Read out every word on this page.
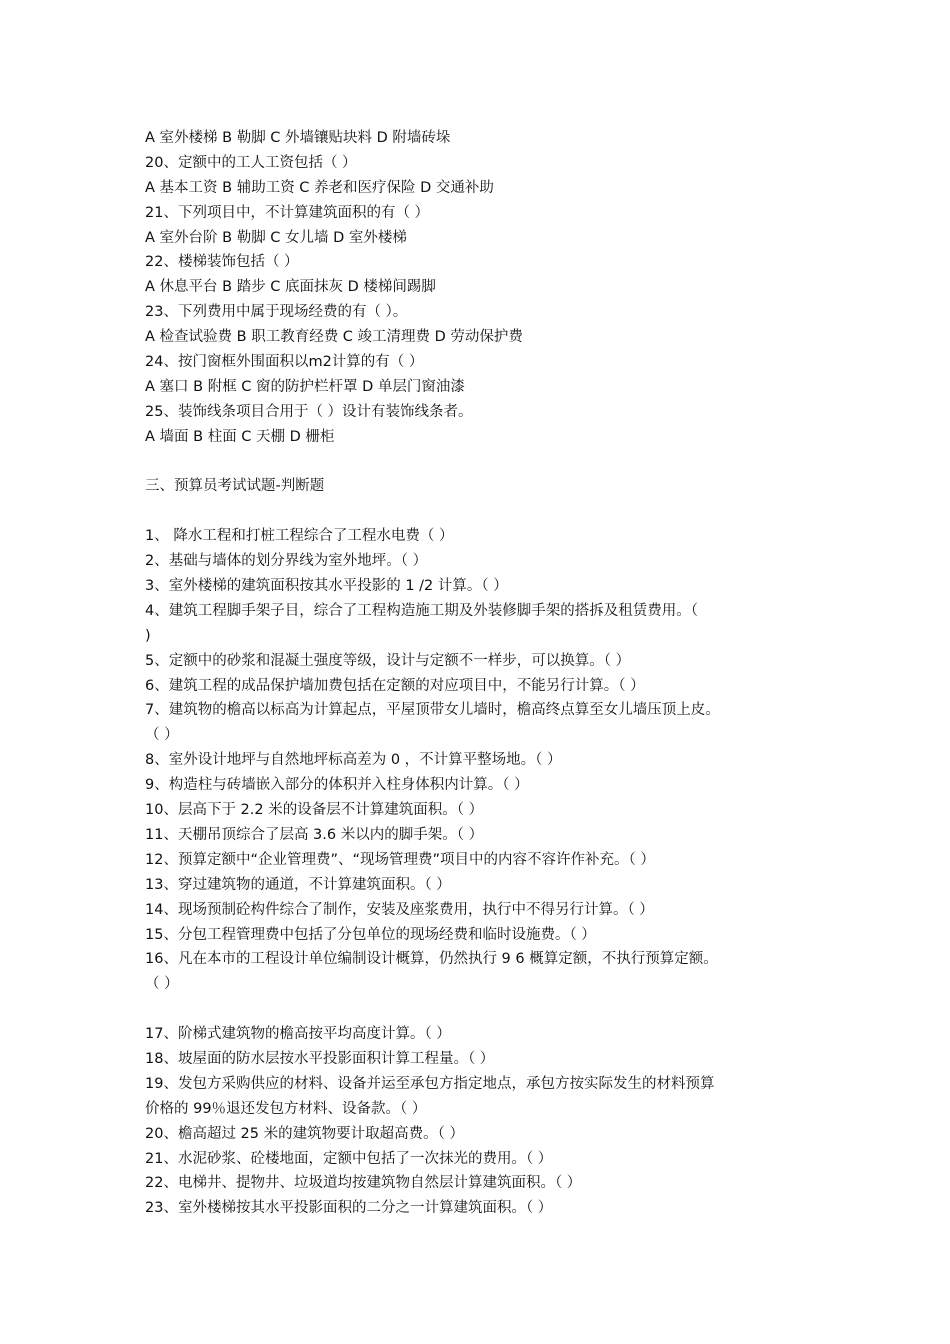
A 室外楼梯 B 勒脚 C 外墙镶贴块料 D 附墙砖垛
20、定额中的工人工资包括（ ）
A 基本工资 B 辅助工资 C 养老和医疗保险 D 交通补助
21、下列项目中，不计算建筑面积的有（ ）
A 室外台阶 B 勒脚 C 女儿墙 D 室外楼梯
22、楼梯装饰包括（ ）
A 休息平台 B 踏步 C 底面抹灰 D 楼梯间踢脚
23、下列费用中属于现场经费的有（ ）。
A 检查试验费 B 职工教育经费 C 竣工清理费 D 劳动保护费
24、按门窗框外围面积以m2计算的有（ ）
A 塞口 B 附框 C 窗的防护栏杆罩 D 单层门窗油漆
25、装饰线条项目合用于（ ）设计有装饰线条者。
A 墙面 B 柱面 C 天棚 D 栅柜
三、预算员考试试题-判断题
1、 降水工程和打桩工程综合了工程水电费（ ）
2、基础与墙体的划分界线为室外地坪。（ ）
3、室外楼梯的建筑面积按其水平投影的 1 /2 计算。（ ）
4、建筑工程脚手架子目，综合了工程构造施工期及外装修脚手架的搭拆及租赁费用。（
)
5、定额中的砂浆和混凝土强度等级，设计与定额不一样步，可以换算。（ ）
6、建筑工程的成品保护墙加费包括在定额的对应项目中，不能另行计算。（ ）
7、建筑物的檐高以标高为计算起点，平屋顶带女儿墙时，檐高终点算至女儿墙压顶上皮。
（ ）
8、室外设计地坪与自然地坪标高差为 0 ，不计算平整场地。（ ）
9、构造柱与砖墙嵌入部分的体积并入柱身体积内计算。（ ）
10、层高下于 2.2 米的设备层不计算建筑面积。（ ）
11、天棚吊顶综合了层高 3.6 米以内的脚手架。（ ）
12、预算定额中“企业管理费”、“现场管理费”项目中的内容不容许作补充。（ ）
13、穿过建筑物的通道，不计算建筑面积。（ ）
14、现场预制砼构件综合了制作，安装及座浆费用，执行中不得另行计算。（ ）
15、分包工程管理费中包括了分包单位的现场经费和临时设施费。（ ）
16、凡在本市的工程设计单位编制设计概算，仍然执行 9 6 概算定额，不执行预算定额。
（ ）
17、阶梯式建筑物的檐高按平均高度计算。（ ）
18、坡屋面的防水层按水平投影面积计算工程量。（ ）
19、发包方采购供应的材料、设备并运至承包方指定地点，承包方按实际发生的材料预算
价格的 99％退还发包方材料、设备款。（ ）
20、檐高超过 25 米的建筑物要计取超高费。（ ）
21、水泥砂浆、砼楼地面，定额中包括了一次抹光的费用。（ ）
22、电梯井、提物井、垃圾道均按建筑物自然层计算建筑面积。（ ）
23、室外楼梯按其水平投影面积的二分之一计算建筑面积。（ ）
